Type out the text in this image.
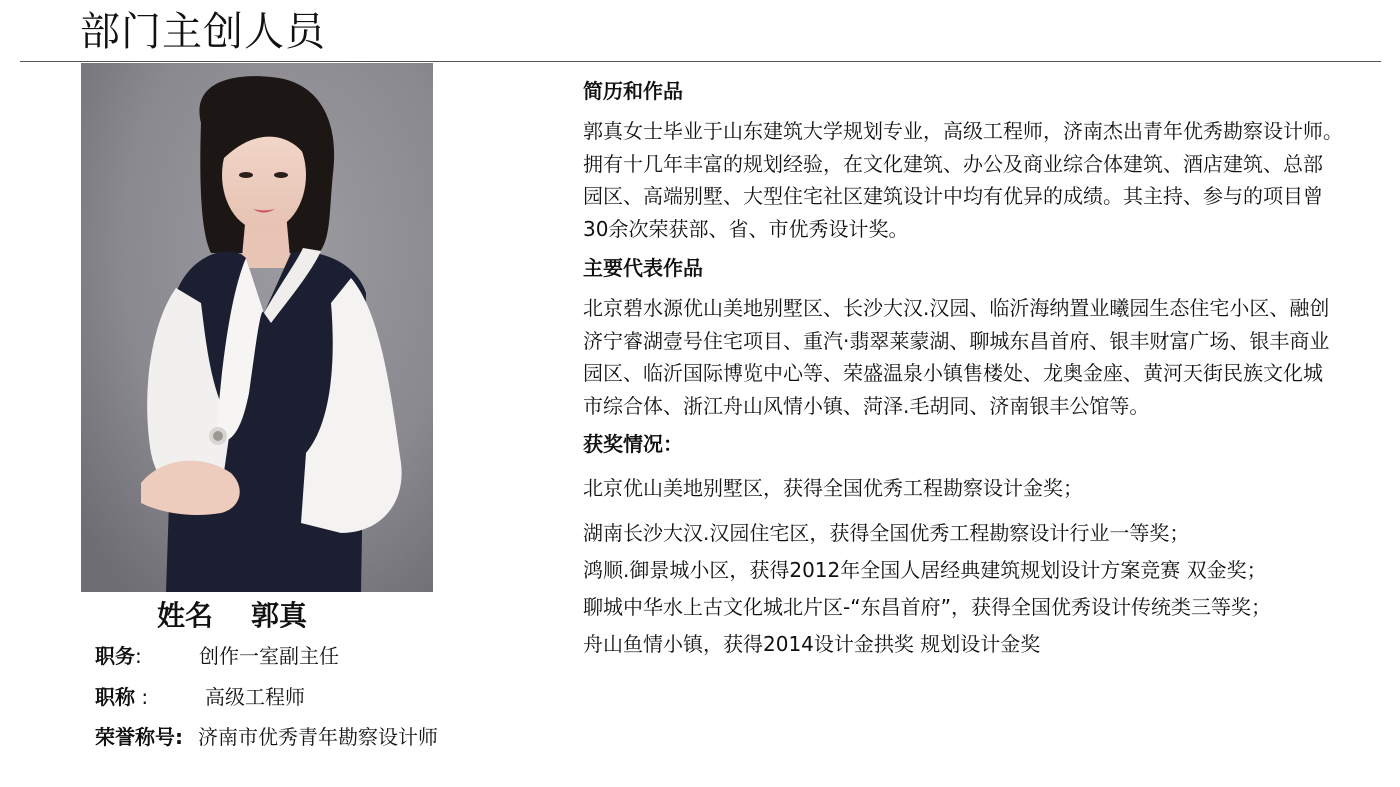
部门主创人员
姓名 郭真
职务:	创作一室副主任
职称 :	高级工程师
荣誉称号: 济南市优秀青年勘察设计师
简历和作品
郭真女士毕业于山东建筑大学规划专业，高级工程师，济南杰出青年优秀勘察设计师。
拥有十几年丰富的规划经验，在文化建筑、办公及商业综合体建筑、酒店建筑、总部
园区、高端别墅、大型住宅社区建筑设计中均有优异的成绩。其主持、参与的项目曾
30余次荣获部、省、市优秀设计奖。
主要代表作品
北京碧水源优山美地别墅区、长沙大汉.汉园、临沂海纳置业曦园生态住宅小区、融创
济宁睿湖壹号住宅项目、重汽·翡翠莱蒙湖、聊城东昌首府、银丰财富广场、银丰商业
园区、临沂国际博览中心等、荣盛温泉小镇售楼处、龙奥金座、黄河天街民族文化城
市综合体、浙江舟山风情小镇、菏泽.毛胡同、济南银丰公馆等。
获奖情况：
北京优山美地别墅区，获得全国优秀工程勘察设计金奖；
湖南长沙大汉.汉园住宅区，获得全国优秀工程勘察设计行业一等奖；
鸿顺.御景城小区，获得2012年全国人居经典建筑规划设计方案竞赛 双金奖；
聊城中华水上古文化城北片区-“东昌首府”，获得全国优秀设计传统类三等奖；
舟山鱼情小镇，获得2014设计金拱奖 规划设计金奖
